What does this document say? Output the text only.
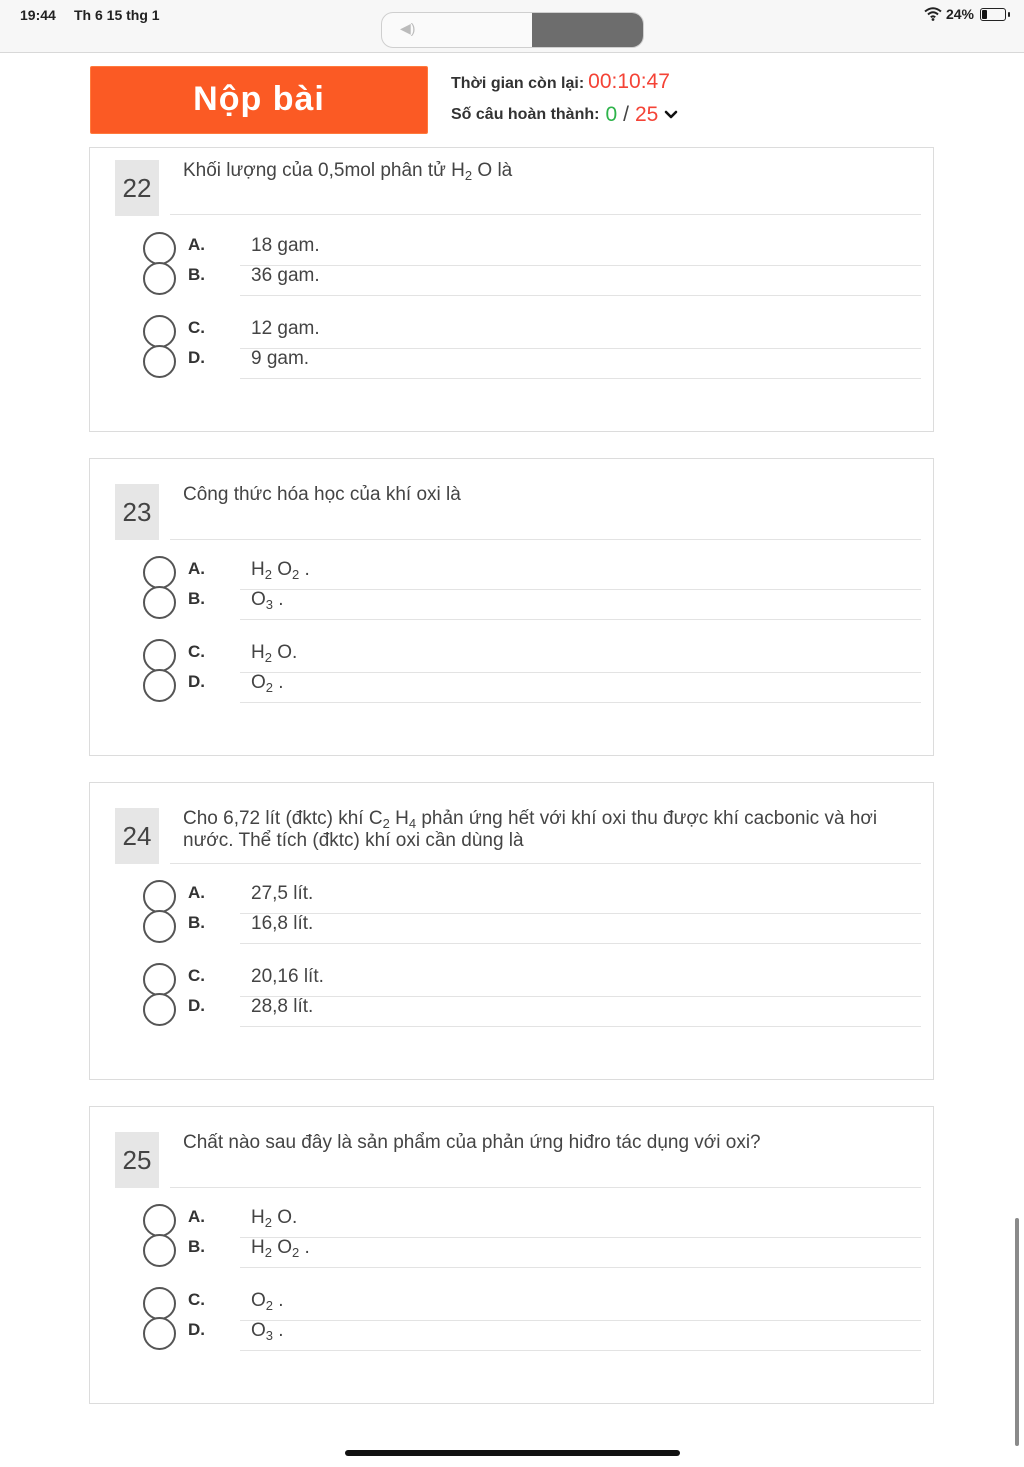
19:44 Th 6 15 thg 1
◀︎)
24%
Nộp bài	Thời gian còn lại: 00:10:47
Số câu hoàn thành: 0 / 25
22
Khối lượng của 0,5mol phân tử $H_2$ O là
A. 18 gam.
B. 36 gam.
C. 12 gam.
D. 9 gam.
23
Công thức hóa học của khí oxi là
A. $H_2$ $O_2$ .
B. $O_3$ .
C. $H_2$ O.
D. $O_2$ .
24
Cho 6,72 lít (đktc) khí $C_2$ $H_4$ phản ứng hết với khí oxi thu được khí cacbonic và hơi nước. Thể tích (đktc) khí oxi cần dùng là
A. 27,5 lít.
B. 16,8 lít.
C. 20,16 lít.
D. 28,8 lít.
25
Chất nào sau đây là sản phẩm của phản ứng hiđro tác dụng với oxi?
A. $H_2$ O.
B. $H_2$ $O_2$ .
C. $O_2$ .
D. $O_3$ .
